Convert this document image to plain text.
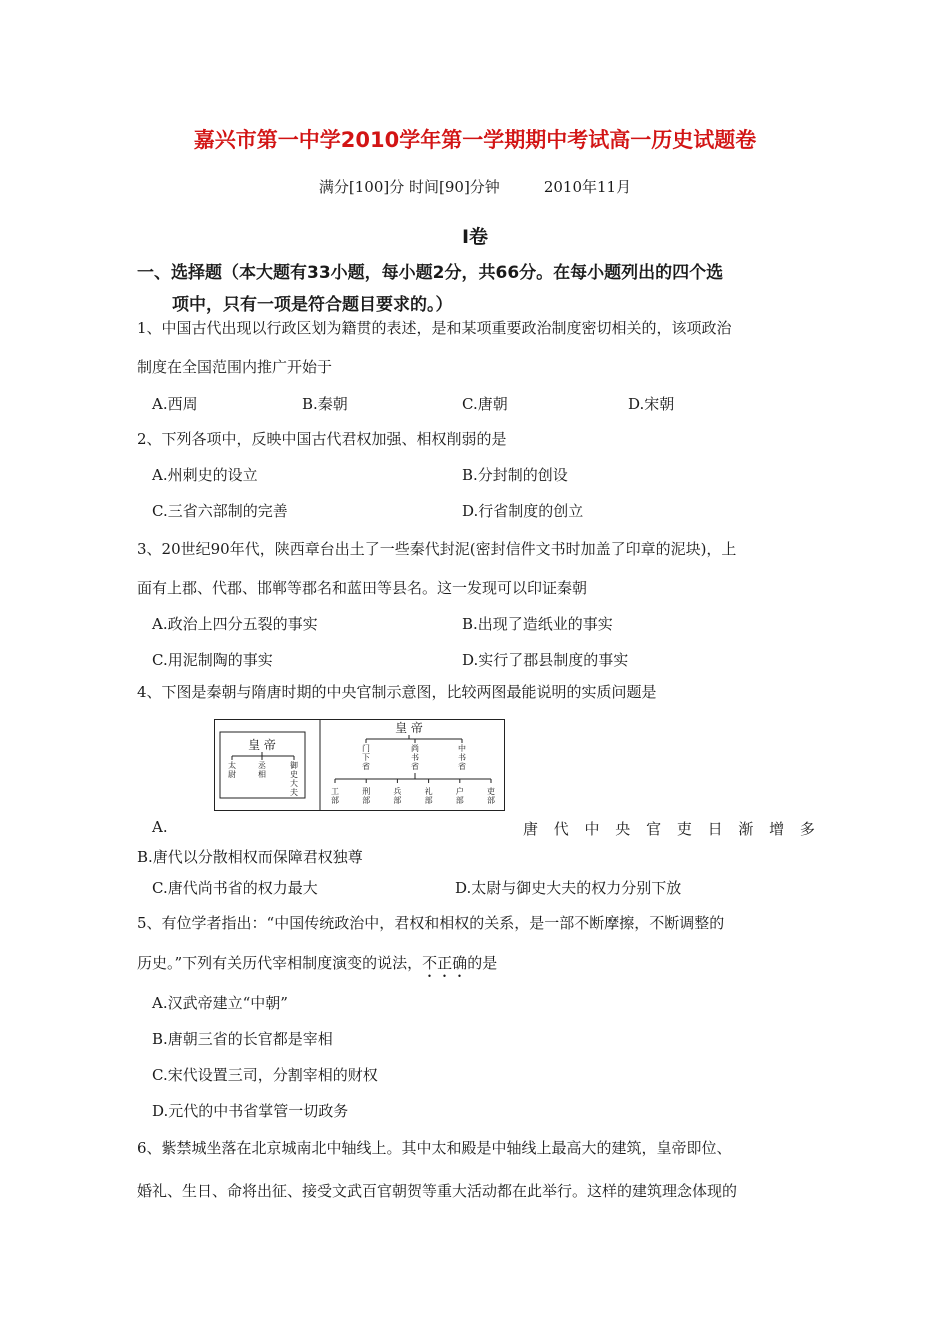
嘉兴市第一中学2010学年第一学期期中考试高一历史试题卷
满分[100]分 时间[90]分钟	2010年11月
Ⅰ卷
一、选择题（本大题有33小题，每小题2分，共66分。在每小题列出的四个选
项中，只有一项是符合题目要求的。）
1、中国古代出现以行政区划为籍贯的表述，是和某项重要政治制度密切相关的，该项政治
制度在全国范围内推广开始于
A.西周	B.秦朝	C.唐朝	D.宋朝
2、下列各项中，反映中国古代君权加强、相权削弱的是
A.州刺史的设立	B.分封制的创设
C.三省六部制的完善	D.行省制度的创立
3、20世纪90年代，陕西章台出土了一些秦代封泥(密封信件文书时加盖了印章的泥块)，上
面有上郡、代郡、邯郸等郡名和蓝田等县名。这一发现可以印证秦朝
A.政治上四分五裂的事实	B.出现了造纸业的事实
C.用泥制陶的事实	D.实行了郡县制度的事实
4、下图是秦朝与隋唐时期的中央官制示意图，比较两图最能说明的实质问题是
皇 帝
太尉
丞相
御史大夫
皇 帝
门下省
尚书省
中书省
工部
刑部
兵部
礼部
户部
吏部
A.	唐 代 中 央 官 吏 日 渐 增 多
B.唐代以分散相权而保障君权独尊
C.唐代尚书省的权力最大	D.太尉与御史大夫的权力分别下放
5、有位学者指出：“中国传统政治中，君权和相权的关系，是一部不断摩擦，不断调整的
历史。”下列有关历代宰相制度演变的说法，不正确的是
A.汉武帝建立“中朝”
B.唐朝三省的长官都是宰相
C.宋代设置三司，分割宰相的财权
D.元代的中书省掌管一切政务
6、紫禁城坐落在北京城南北中轴线上。其中太和殿是中轴线上最高大的建筑，皇帝即位、
婚礼、生日、命将出征、接受文武百官朝贺等重大活动都在此举行。这样的建筑理念体现的
